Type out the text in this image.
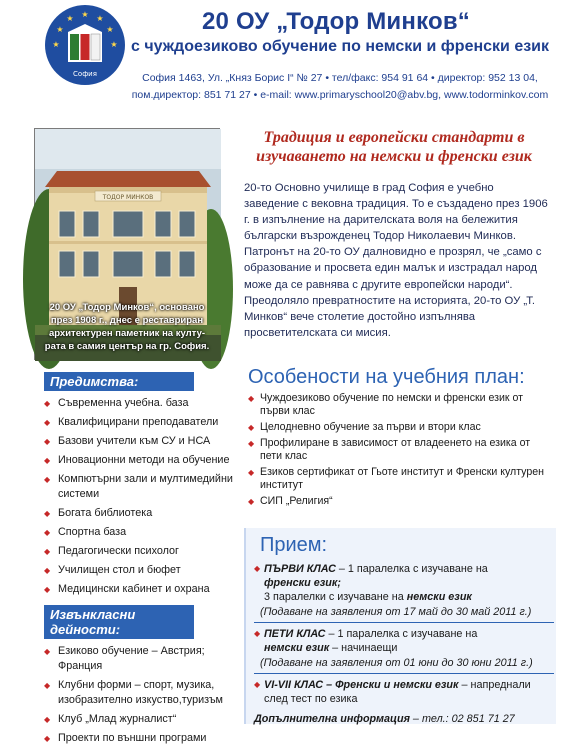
★ ★
★
★
★
★
★
София
20 ОУ „Тодор Минков“
с чуждоезиково обучение по немски и френски език
София 1463, Ул. „Княз Борис I“ № 27 • тел/факс: 954 91 64 • директор: 952 13 04,
пом.директор: 851 71 27 • e-mail: www.primaryschool20@abv.bg, www.todorminkov.com
ТОДОР МИНКОВ
20 ОУ „Тодор Минков“, основано през 1908 г., днес е реставриран архитектурен паметник на култу-рата в самия център на гр. София.
Традиция и европейски стандарти в изучаването на немски и френски език
20-то Основно училище в град София е учебно заведение с вековна традиция. То е създадено през 1906 г. в изпълнение на дарителската воля на бележития български възрожденец Тодор Николаевич Минков. Патронът на 20-то ОУ далновидно е прозрял, че „само с образование и просвета един малък и изстрадал народ може да се равнява с другите европейски народи“. Преодоляло превратностите на историята, 20-то ОУ „Т. Минков“ вече столетие достойно изпълнява просветителската си мисия.
Предимства:
◆ Съвременна учебна. база
◆ Квалифицирани преподаватели
◆ Базови учители към СУ и НСА
◆ Иновационни методи на обучение
◆ Компютърни зали и мултимедийни системи
◆ Богата библиотека
◆ Спортна база
◆ Педагогически психолог
◆ Училищен стол и бюфет
◆ Медицински кабинет и охрана
Извънкласни дейности:
◆ Езиково обучение – Австрия; Франция
◆ Клубни форми – спорт, музика, изобразително изкуство,туризъм
◆ Клуб „Млад журналист“
◆ Проекти по външни програми
Особености на учебния план:
◆ Чуждоезиково обучение по немски и френски език от първи клас
◆ Целодневно обучение за първи и втори клас
◆ Профилиране в зависимост от владеенето на езика от пети клас
◆ Езиков сертификат от Гьоте институт и Френски културен институт
◆ СИП „Религия“
Прием:
◆ ПЪРВИ КЛАС – 1 паралелка с изучаване на
френски език;
3 паралелки с изучаване на немски език
(Подаване на заявления от 17 май до 30 май 2011 г.)
◆ ПЕТИ КЛАС – 1 паралелка с изучаване на
немски език – начинаещи
(Подаване на заявления от 01 юни до 30 юни 2011 г.)
◆ VI-VII КЛАС – Френски и немски език – напреднали
след тест по езика
Допълнителна информация – тел.: 02 851 71 27
